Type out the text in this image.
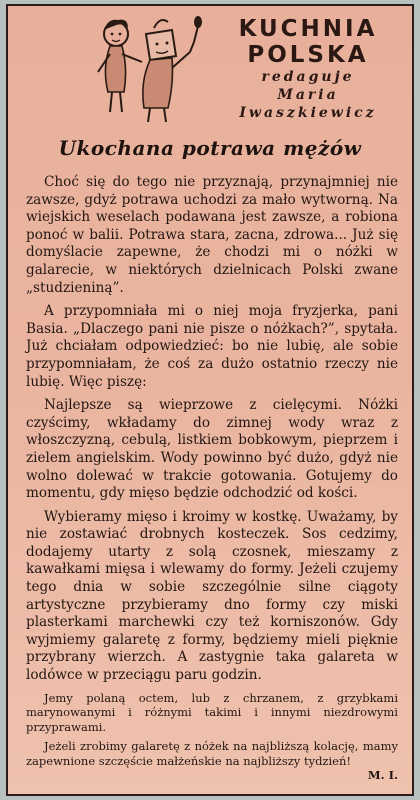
KUCHNIA
POLSKA
redaguje
Maria
Iwaszkiewicz
Ukochana potrawa mężów

Choć się do tego nie przyznają, przynajmniej nie zawsze, gdyż potrawa uchodzi za mało wytworną. Na wiejskich weselach podawana jest zawsze, a robiona ponoć w balii. Potrawa stara, zacna, zdrowa... Już się domyślacie zapewne, że chodzi mi o nóżki w galarecie, w niektórych dzielnicach Polski zwane „studzieniną”.

A przypomniała mi o niej moja fryzjerka, pani Basia. „Dlaczego pani nie pisze o nóżkach?”, spytała. Już chciałam odpowiedzieć: bo nie lubię, ale sobie przypomniałam, że coś za dużo ostatnio rzeczy nie lubię. Więc piszę:

Najlepsze są wieprzowe z cielęcymi. Nóżki czyścimy, wkładamy do zimnej wody wraz z włoszczyzną, cebulą, listkiem bobkowym, pieprzem i zielem angielskim. Wody powinno być dużo, gdyż nie wolno dolewać w trakcie gotowania. Gotujemy do momentu, gdy mięso będzie odchodzić od kości.

Wybieramy mięso i kroimy w kostkę. Uważamy, by nie zostawiać drobnych kosteczek. Sos cedzimy, dodajemy utarty z solą czosnek, mieszamy z kawałkami mięsa i wlewamy do formy. Jeżeli czujemy tego dnia w sobie szczególnie silne ciągoty artystyczne przybieramy dno formy czy miski plasterkami marchewki czy też korniszonów. Gdy wyjmiemy galaretę z formy, będziemy mieli pięknie przybrany wierzch. A zastygnie taka galareta w lodówce w przeciągu paru godzin.

Jemy polaną octem, lub z chrzanem, z grzybkami marynowanymi i różnymi takimi i innymi niezdrowymi przyprawami.

Jeżeli zrobimy galaretę z nóżek na najbliższą kolację, mamy zapewnione szczęście małżeńskie na najbliższy tydzień!
M. I.
